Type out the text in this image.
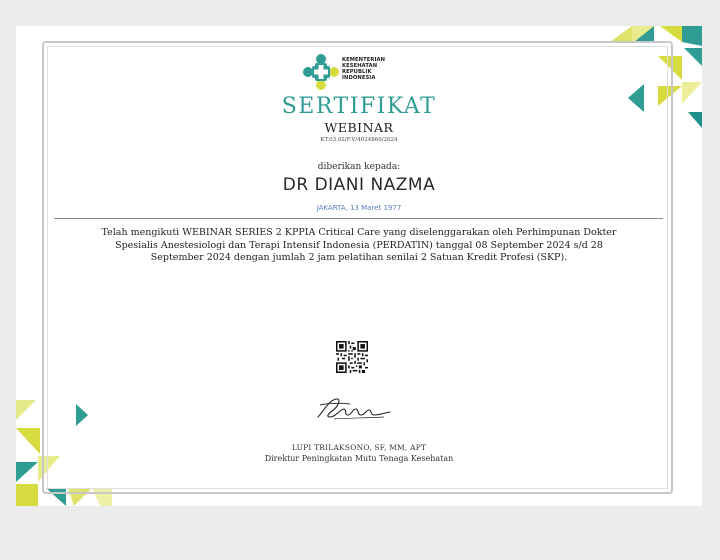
KEMENTERIAN
KESEHATAN
REPUBLIK
INDONESIA
SERTIFIKAT
WEBINAR
KT.03.02/F.V/4024860/2024
diberikan kepada:
DR DIANI NAZMA
JAKARTA, 13 Maret 1977
Telah mengikuti WEBINAR SERIES 2 KPPIA Critical Care yang diselenggarakan oleh Perhimpunan Dokter Spesialis Anestesiologi dan Terapi Intensif Indonesia (PERDATIN) tanggal 08 September 2024 s/d 28 September 2024 dengan jumlah 2 jam pelatihan senilai 2 Satuan Kredit Profesi (SKP).
LUPI TRILAKSONO, SF, MM, APT
Direktur Peningkatan Mutu Tenaga Kesehatan
